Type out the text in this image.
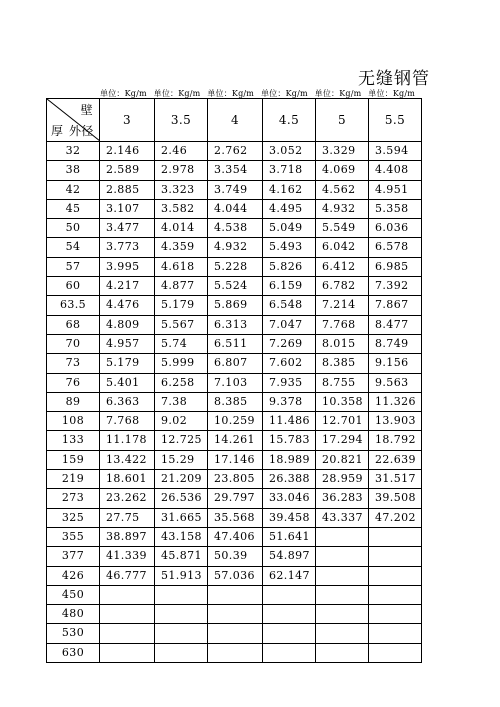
无缝钢管
单位：Kg/m 单位：Kg/m 单位：Kg/m 单位：Kg/m 单位：Kg/m 单位：Kg/m
壁
厚 外径	3	3.5	4	4.5	5	5.5
32	2.146	2.46	2.762	3.052	3.329	3.594
38	2.589	2.978	3.354	3.718	4.069	4.408
42	2.885	3.323	3.749	4.162	4.562	4.951
45	3.107	3.582	4.044	4.495	4.932	5.358
50	3.477	4.014	4.538	5.049	5.549	6.036
54	3.773	4.359	4.932	5.493	6.042	6.578
57	3.995	4.618	5.228	5.826	6.412	6.985
60	4.217	4.877	5.524	6.159	6.782	7.392
63.5	4.476	5.179	5.869	6.548	7.214	7.867
68	4.809	5.567	6.313	7.047	7.768	8.477
70	4.957	5.74	6.511	7.269	8.015	8.749
73	5.179	5.999	6.807	7.602	8.385	9.156
76	5.401	6.258	7.103	7.935	8.755	9.563
89	6.363	7.38	8.385	9.378	10.358	11.326
108	7.768	9.02	10.259	11.486	12.701	13.903
133	11.178	12.725	14.261	15.783	17.294	18.792
159	13.422	15.29	17.146	18.989	20.821	22.639
219	18.601	21.209	23.805	26.388	28.959	31.517
273	23.262	26.536	29.797	33.046	36.283	39.508
325	27.75	31.665	35.568	39.458	43.337	47.202
355	38.897	43.158	47.406	51.641		
377	41.339	45.871	50.39	54.897		
426	46.777	51.913	57.036	62.147		
450						
480						
530						
630						
